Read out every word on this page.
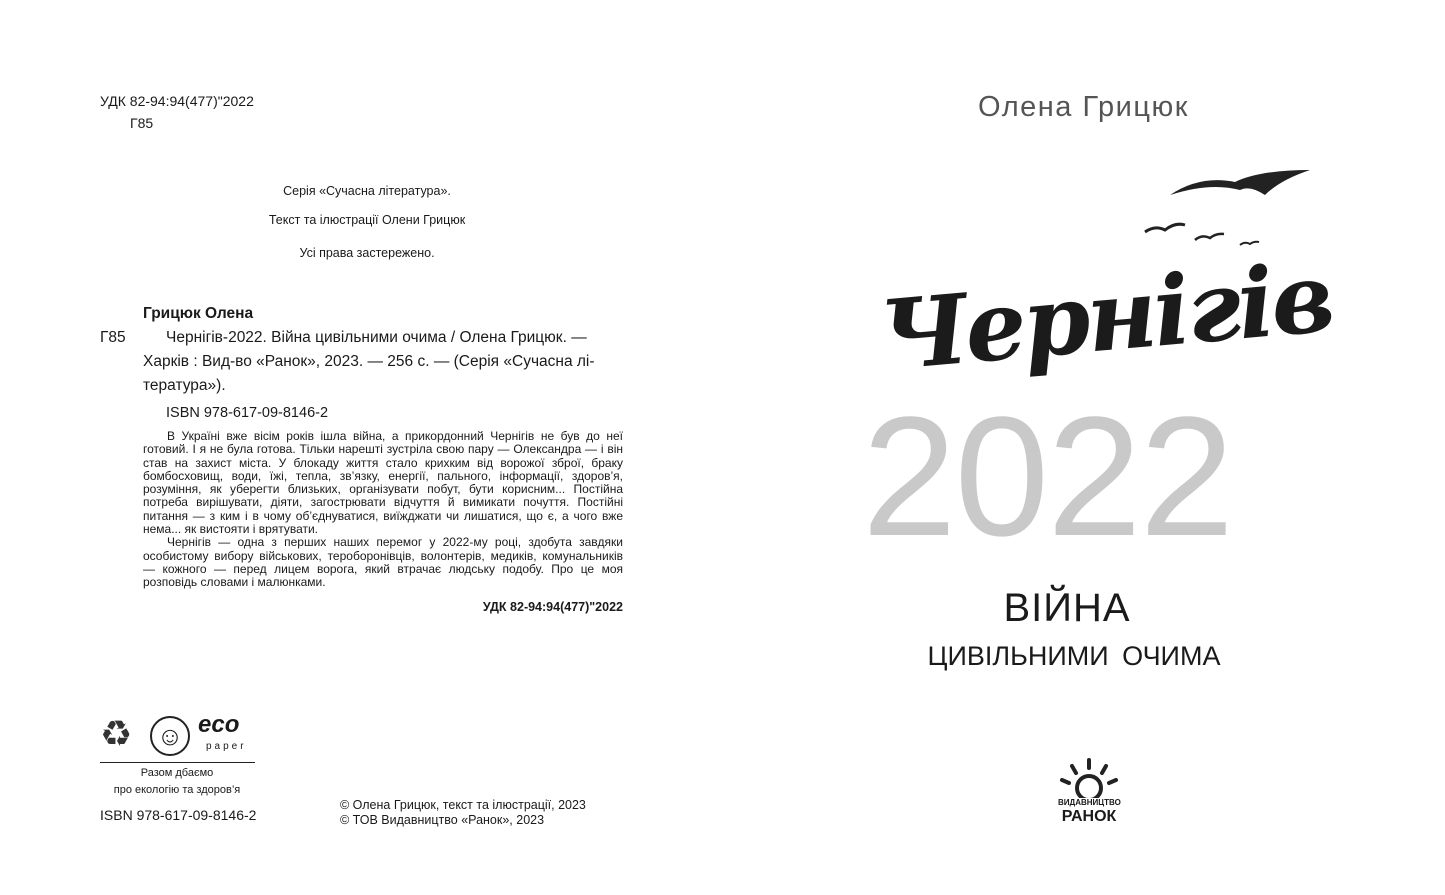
УДК 82-94:94(477)"2022
Г85
Серія «Сучасна література».
Текст та ілюстрації Олени Грицюк
Усі права застережено.
Грицюк Олена
Г85	Чернігів-2022. Війна цивільними очима / Олена Грицюк. —
Харків : Вид-во «Ранок», 2023. — 256 с. — (Серія «Сучасна лі-
тература»).
ISBN 978-617-09-8146-2

В Україні вже вісім років ішла війна, а прикордонний Чернігів не був до неї готовий. І я не була готова. Тільки нарешті зустріла свою пару — Олександра — і він став на захист міста. У блокаду життя стало крихким від ворожої зброї, браку бомбосховищ, води, їжі, тепла, зв’язку, енергії, пального, інформації, здоров’я, розуміння, як уберегти близьких, організувати побут, бути корисним... Постійна потреба вирішувати, діяти, загострювати відчуття й вимикати почуття. Постійні питання — з ким і в чому об’єднуватися, виїжджати чи лишатися, що є, а чого вже нема... як вистояти і врятувати.

Чернігів — одна з перших наших перемог у 2022-му році, здобута завдяки особистому вибору військових, тероборонівців, волонтерів, медиків, комунальників — кожного — перед лицем ворога, який втрачає людську подобу. Про це моя розповідь словами і малюнками.

УДК 82-94:94(477)"2022
♻ ☺ eco
paper
Разом дбаємо
про екологію та здоров’я
ISBN 978-617-09-8146-2
© Олена Грицюк, текст та ілюстрації, 2023
© ТОВ Видавництво «Ранок», 2023
Олена Грицюк
Чернігів
2022
ВІЙНА
ЦИВІЛЬНИМИ ОЧИМА
ВИДАВНИЦТВО
РАНОК
